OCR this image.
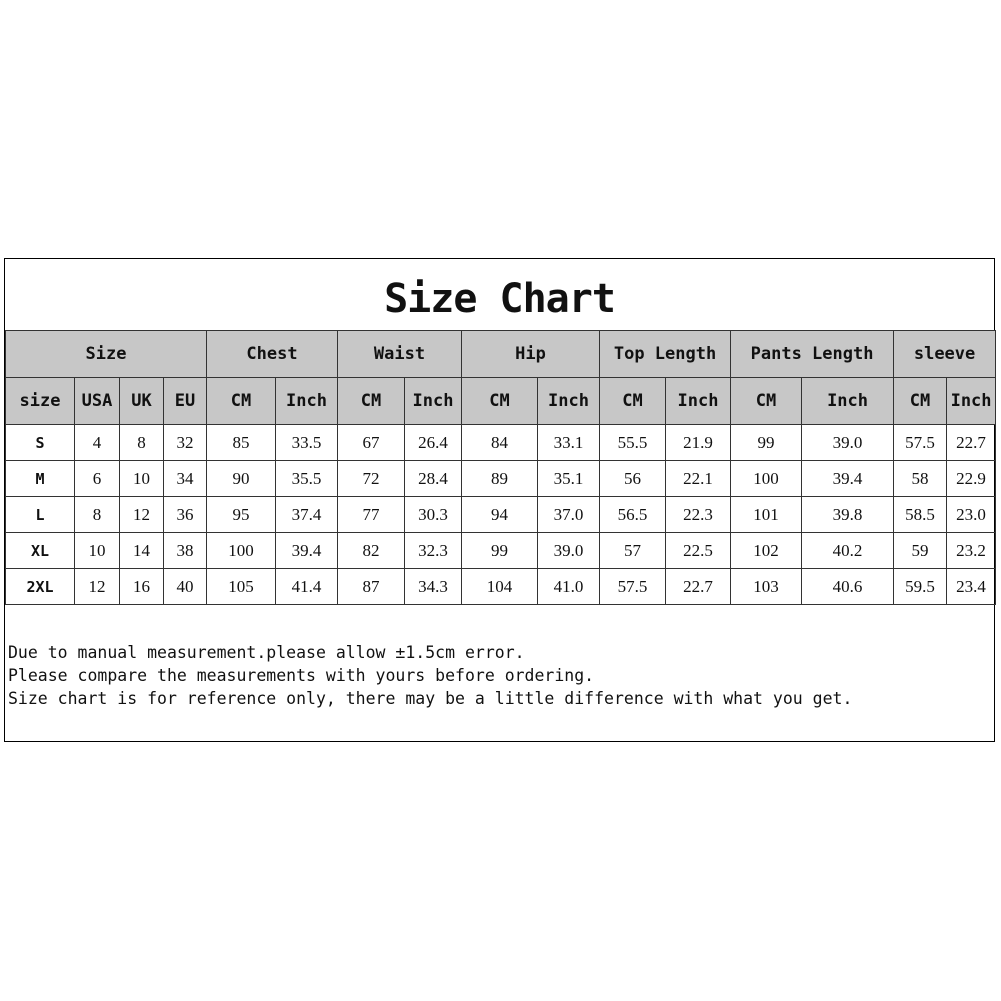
Size Chart
Size				Chest		Waist		Hip		Top Length		Pants Length		sleeve	
size	USA	UK	EU	CM	Inch	CM	Inch	CM	Inch	CM	Inch	CM	Inch	CM	Inch
S	4	8	32	85	33.5	67	26.4	84	33.1	55.5	21.9	99	39.0	57.5	22.7
M	6	10	34	90	35.5	72	28.4	89	35.1	56	22.1	100	39.4	58	22.9
L	8	12	36	95	37.4	77	30.3	94	37.0	56.5	22.3	101	39.8	58.5	23.0
XL	10	14	38	100	39.4	82	32.3	99	39.0	57	22.5	102	40.2	59	23.2
2XL	12	16	40	105	41.4	87	34.3	104	41.0	57.5	22.7	103	40.6	59.5	23.4
Due to manual measurement.please allow ±1.5cm error.
Please compare the measurements with yours before ordering.
Size chart is for reference only, there may be a little difference with what you get.
